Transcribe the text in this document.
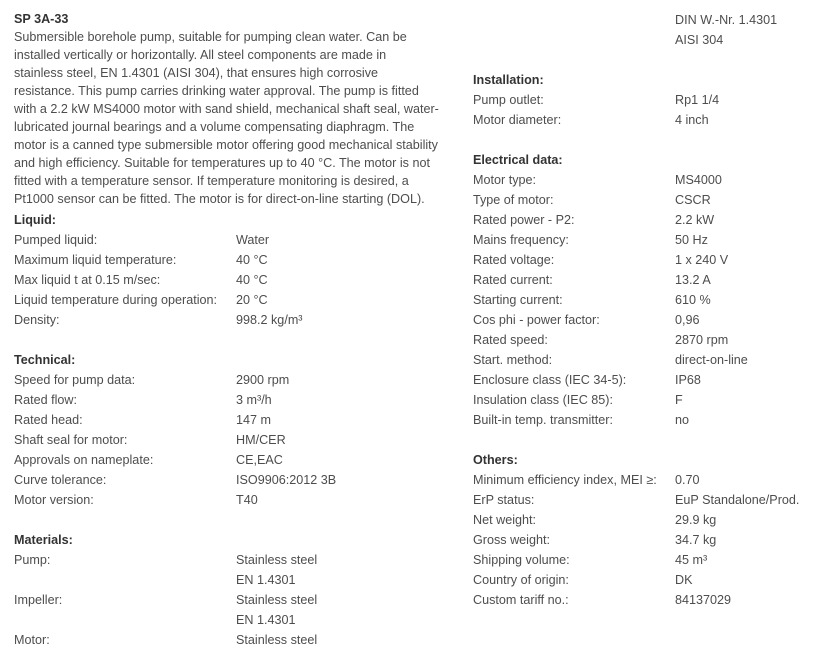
SP 3A-33

Submersible borehole pump, suitable for pumping clean water. Can be
installed vertically or horizontally. All steel components are made in
stainless steel, EN 1.4301 (AISI 304), that ensures high corrosive
resistance. This pump carries drinking water approval. The pump is fitted
with a 2.2 kW MS4000 motor with sand shield, mechanical shaft seal, water-
lubricated journal bearings and a volume compensating diaphragm. The
motor is a canned type submersible motor offering good mechanical stability
and high efficiency. Suitable for temperatures up to 40 °C. The motor is not
fitted with a temperature sensor. If temperature monitoring is desired, a
Pt1000 sensor can be fitted. The motor is for direct-on-line starting (DOL).

Liquid:
Pumped liquid:	Water
Maximum liquid temperature:	40 °C
Max liquid t at 0.15 m/sec:	40 °C
Liquid temperature during operation:	20 °C
Density:	998.2 kg/m³
Technical:
Speed for pump data:	2900 rpm
Rated flow:	3 m³/h
Rated head:	147 m
Shaft seal for motor:	HM/CER
Approvals on nameplate:	CE,EAC
Curve tolerance:	ISO9906:2012 3B
Motor version:	T40
Materials:
Pump:	Stainless steel
EN 1.4301
Impeller:	Stainless steel
EN 1.4301
Motor:	Stainless steel
DIN W.-Nr. 1.4301
AISI 304
Installation:
Pump outlet:	Rp1 1/4
Motor diameter:	4 inch
Electrical data:
Motor type:	MS4000
Type of motor:	CSCR
Rated power - P2:	2.2 kW
Mains frequency:	50 Hz
Rated voltage:	1 x 240 V
Rated current:	13.2 A
Starting current:	610 %
Cos phi - power factor:	0,96
Rated speed:	2870 rpm
Start. method:	direct-on-line
Enclosure class (IEC 34-5):	IP68
Insulation class (IEC 85):	F
Built-in temp. transmitter:	no
Others:
Minimum efficiency index, MEI ≥:	0.70
ErP status:	EuP Standalone/Prod.
Net weight:	29.9 kg
Gross weight:	34.7 kg
Shipping volume:	45 m³
Country of origin:	DK
Custom tariff no.:	84137029
